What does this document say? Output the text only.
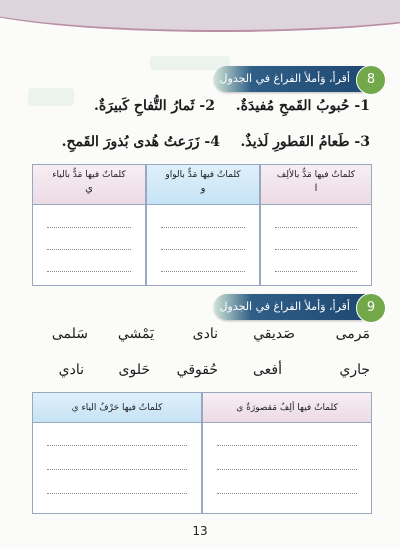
أقرأ، وَأملأ الفراغ في الجدول	8
1- حُبوبُ القَمحِ مُفيدَةٌ.
2- ثَمارُ التُّفاحِ كَبيرَةٌ.
3- طَعامُ الفَطورِ لَذيذٌ.
4- زَرَعتُ هُدى بُذورَ القَمحِ.
كلماتٌ فيها مَدٌّ بالألِف
ا
كلماتٌ فيها مَدٌّ بالواو
و
كلماتٌ فيها مَدٌّ بالياء
ي
أقرأ، وَأملأ الفراغ في الجدول	9
مَرمى
صَديقي
نادى
يَمْشي
سَلمى
جاري
أفعى
حُقوقي
حَلوى
نادي
كلماتٌ فيها ألِفٌ مَقصورَةٌ ى
كلماتٌ فيها حَرْفُ الياء ي
13
